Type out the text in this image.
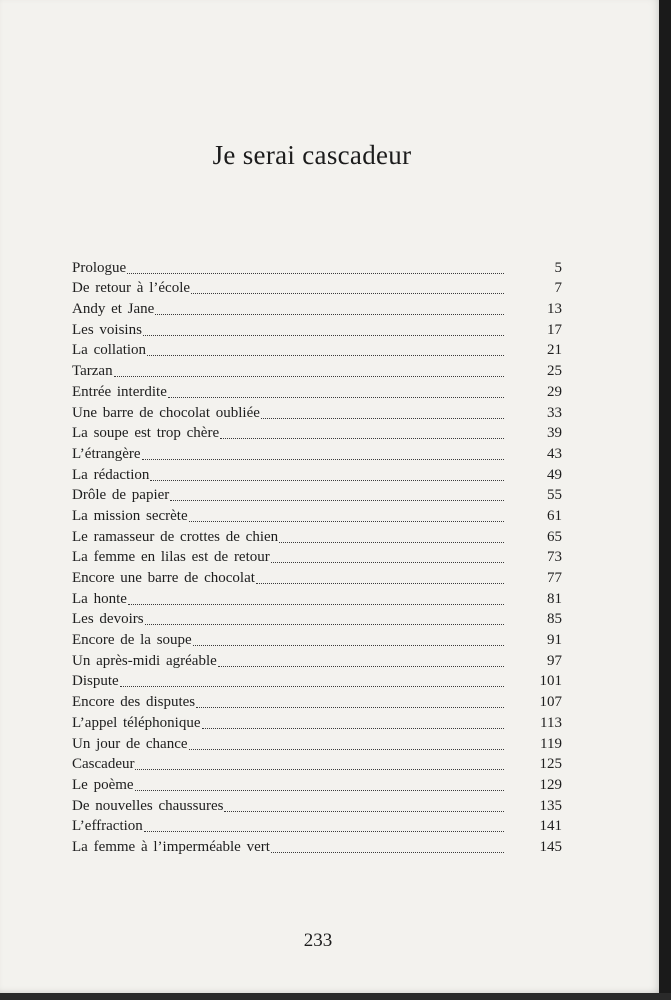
Je serai cascadeur
Prologue	5
De retour à l’école	7
Andy et Jane	13
Les voisins	17
La collation	21
Tarzan	25
Entrée interdite	29
Une barre de chocolat oubliée	33
La soupe est trop chère	39
L’étrangère	43
La rédaction	49
Drôle de papier	55
La mission secrète	61
Le ramasseur de crottes de chien	65
La femme en lilas est de retour	73
Encore une barre de chocolat	77
La honte	81
Les devoirs	85
Encore de la soupe	91
Un après-midi agréable	97
Dispute	101
Encore des disputes	107
L’appel téléphonique	113
Un jour de chance	119
Cascadeur	125
Le poème	129
De nouvelles chaussures	135
L’effraction	141
La femme à l’imperméable vert	145
233
